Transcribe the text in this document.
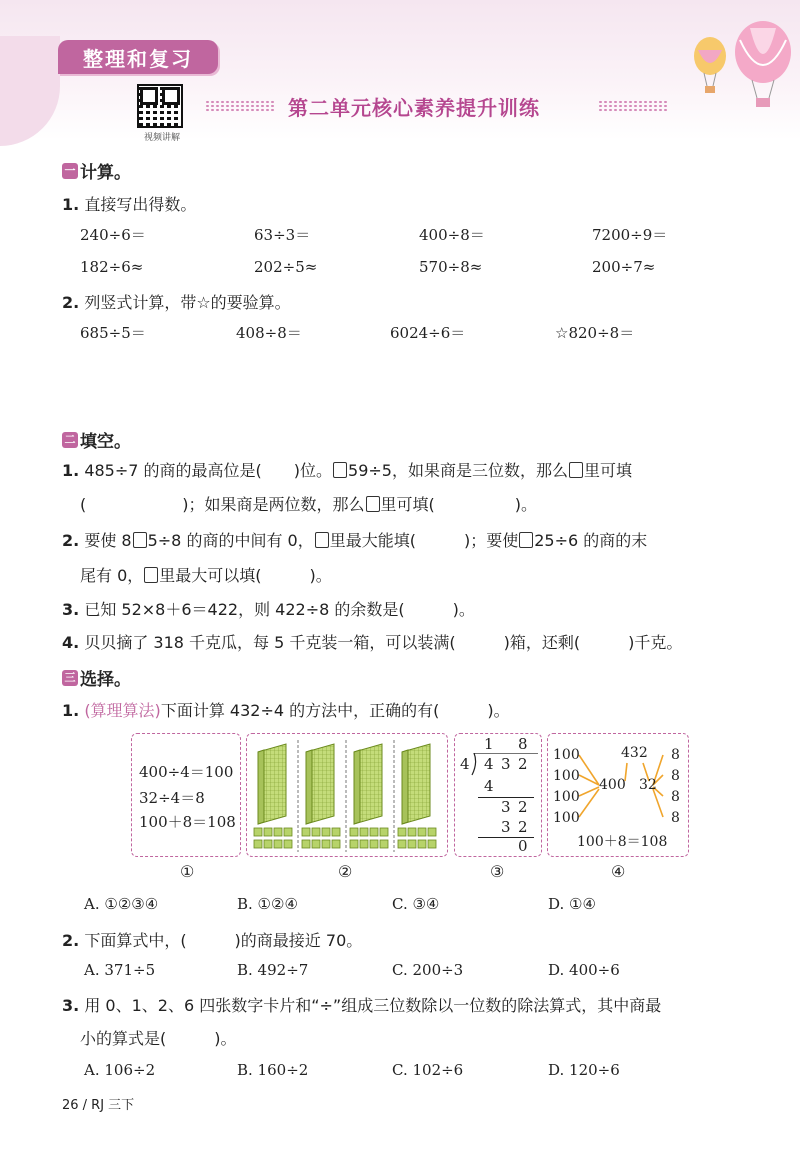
整理和复习
视频讲解
第二单元核心素养提升训练
一 计算。
1. 直接写出得数。
240÷6＝	63÷3＝	400÷8＝	7200÷9＝
182÷6≈	202÷5≈	570÷8≈	200÷7≈
2. 列竖式计算，带☆的要验算。
685÷5＝	408÷8＝	6024÷6＝	☆820÷8＝
二 填空。
1. 485÷7 的商的最高位是(　　)位。 59÷5，如果商是三位数，那么 里可填
(　　　　　　)；如果商是两位数，那么 里可填(　　　　　)。
2. 要使 8 5÷8 的商的中间有 0， 里最大能填(　　　)；要使 25÷6 的商的末
尾有 0， 里最大可以填(　　　)。
3. 已知 52×8＋6＝422，则 422÷8 的余数是(　　　)。
4. 贝贝摘了 318 千克瓜，每 5 千克装一箱，可以装满(　　　)箱，还剩(　　　)千克。
三 选择。
1. (算理算法)下面计算 432÷4 的方法中，正确的有(　　　)。
400÷4＝100
32÷4＝8
100＋8＝108
1 8
4 4 3 2
4
3 2
3 2
0
100
100
100
100
432
400 32
8
8
8
8
100＋8＝108
①	②	③	④
A. ①②③④	B. ①②④	C. ③④	D. ①④
2. 下面算式中，(　　　)的商最接近 70。
A. 371÷5	B. 492÷7	C. 200÷3	D. 400÷6
3. 用 0、1、2、6 四张数字卡片和“÷”组成三位数除以一位数的除法算式，其中商最
小的算式是(　　　)。
A. 106÷2	B. 160÷2	C. 102÷6	D. 120÷6
26 / RJ 三下
